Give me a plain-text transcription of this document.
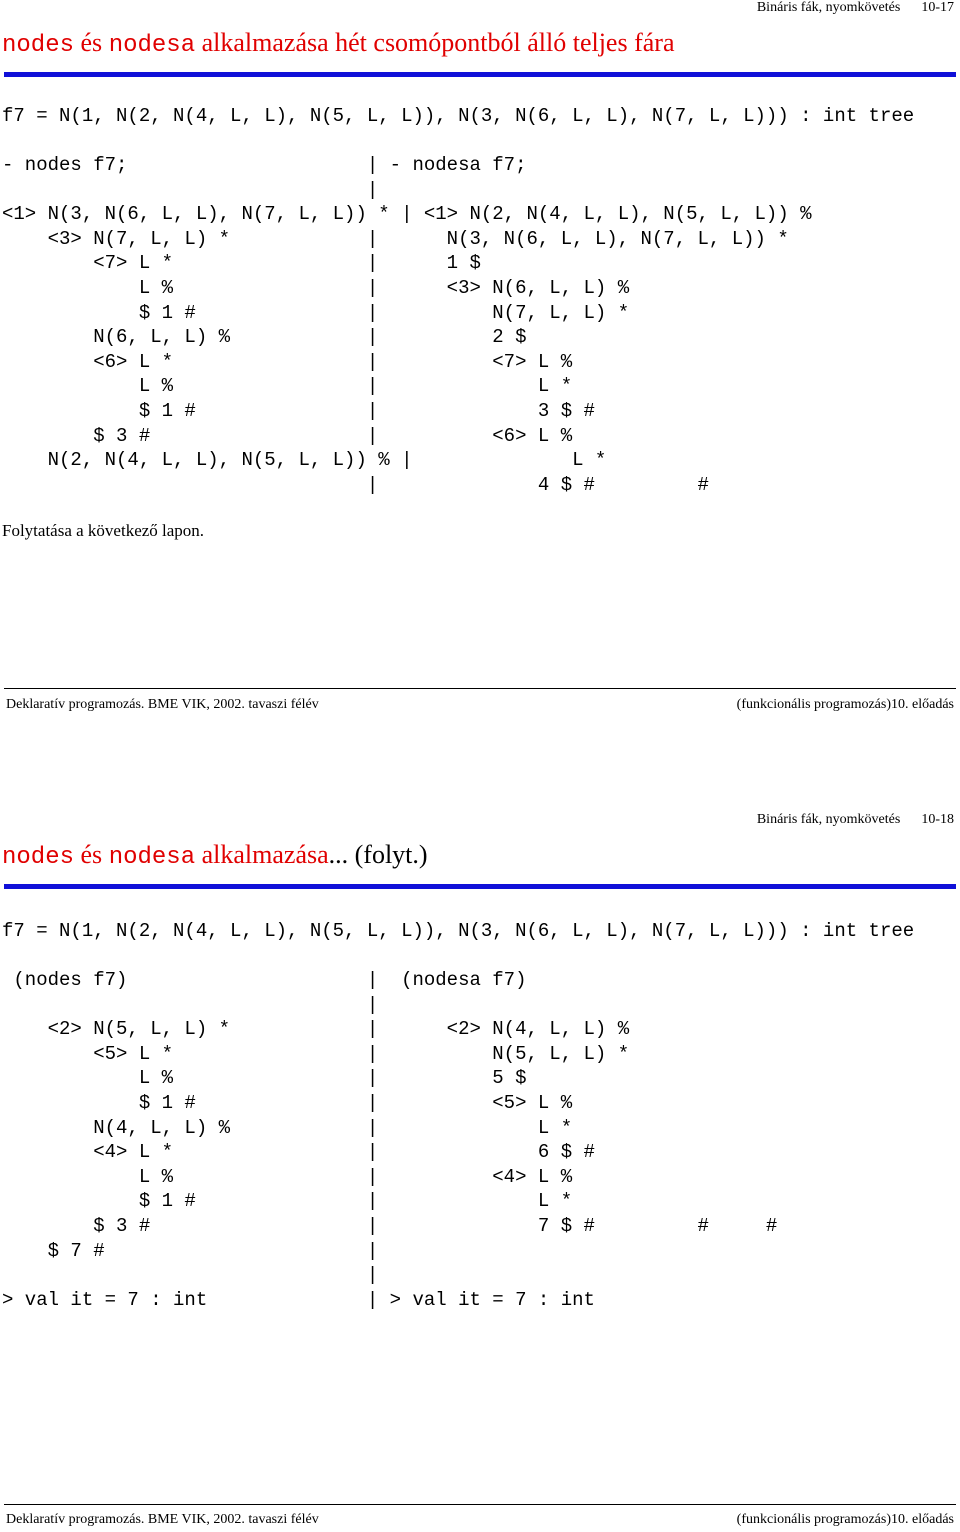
Bináris fák, nyomkövetés 10-17
nodes és nodesa alkalmazása hét csomópontból álló teljes fára
f7 = N(1, N(2, N(4, L, L), N(5, L, L)), N(3, N(6, L, L), N(7, L, L))) : int tree
- nodes f7;                     | - nodesa f7;
|
<1> N(3, N(6, L, L), N(7, L, L)) * | <1> N(2, N(4, L, L), N(5, L, L)) %
<3> N(7, L, L) *            |      N(3, N(6, L, L), N(7, L, L)) *
<7> L *                 |      1 $
L %                 |      <3> N(6, L, L) %
$ 1 #               |          N(7, L, L) *
N(6, L, L) %            |          2 $
<6> L *                 |          <7> L %
L %                 |              L *
$ 1 #               |              3 $ #
$ 3 #                   |          <6> L %
N(2, N(4, L, L), N(5, L, L)) % |              L *
|              4 $ #         #
Folytatása a következő lapon.
Deklaratív programozás. BME VIK, 2002. tavaszi félév	(funkcionális programozás)10. előadás
Bináris fák, nyomkövetés 10-18
nodes és nodesa alkalmazása... (folyt.)
f7 = N(1, N(2, N(4, L, L), N(5, L, L)), N(3, N(6, L, L), N(7, L, L))) : int tree
(nodes f7)                     |  (nodesa f7)
|
<2> N(5, L, L) *            |      <2> N(4, L, L) %
<5> L *                 |          N(5, L, L) *
L %                 |          5 $
$ 1 #               |          <5> L %
N(4, L, L) %            |              L *
<4> L *                 |              6 $ #
L %                 |          <4> L %
$ 1 #               |              L *
$ 3 #                   |              7 $ #         #     #
$ 7 #                       |
|
> val it = 7 : int              | > val it = 7 : int
Deklaratív programozás. BME VIK, 2002. tavaszi félév	(funkcionális programozás)10. előadás
